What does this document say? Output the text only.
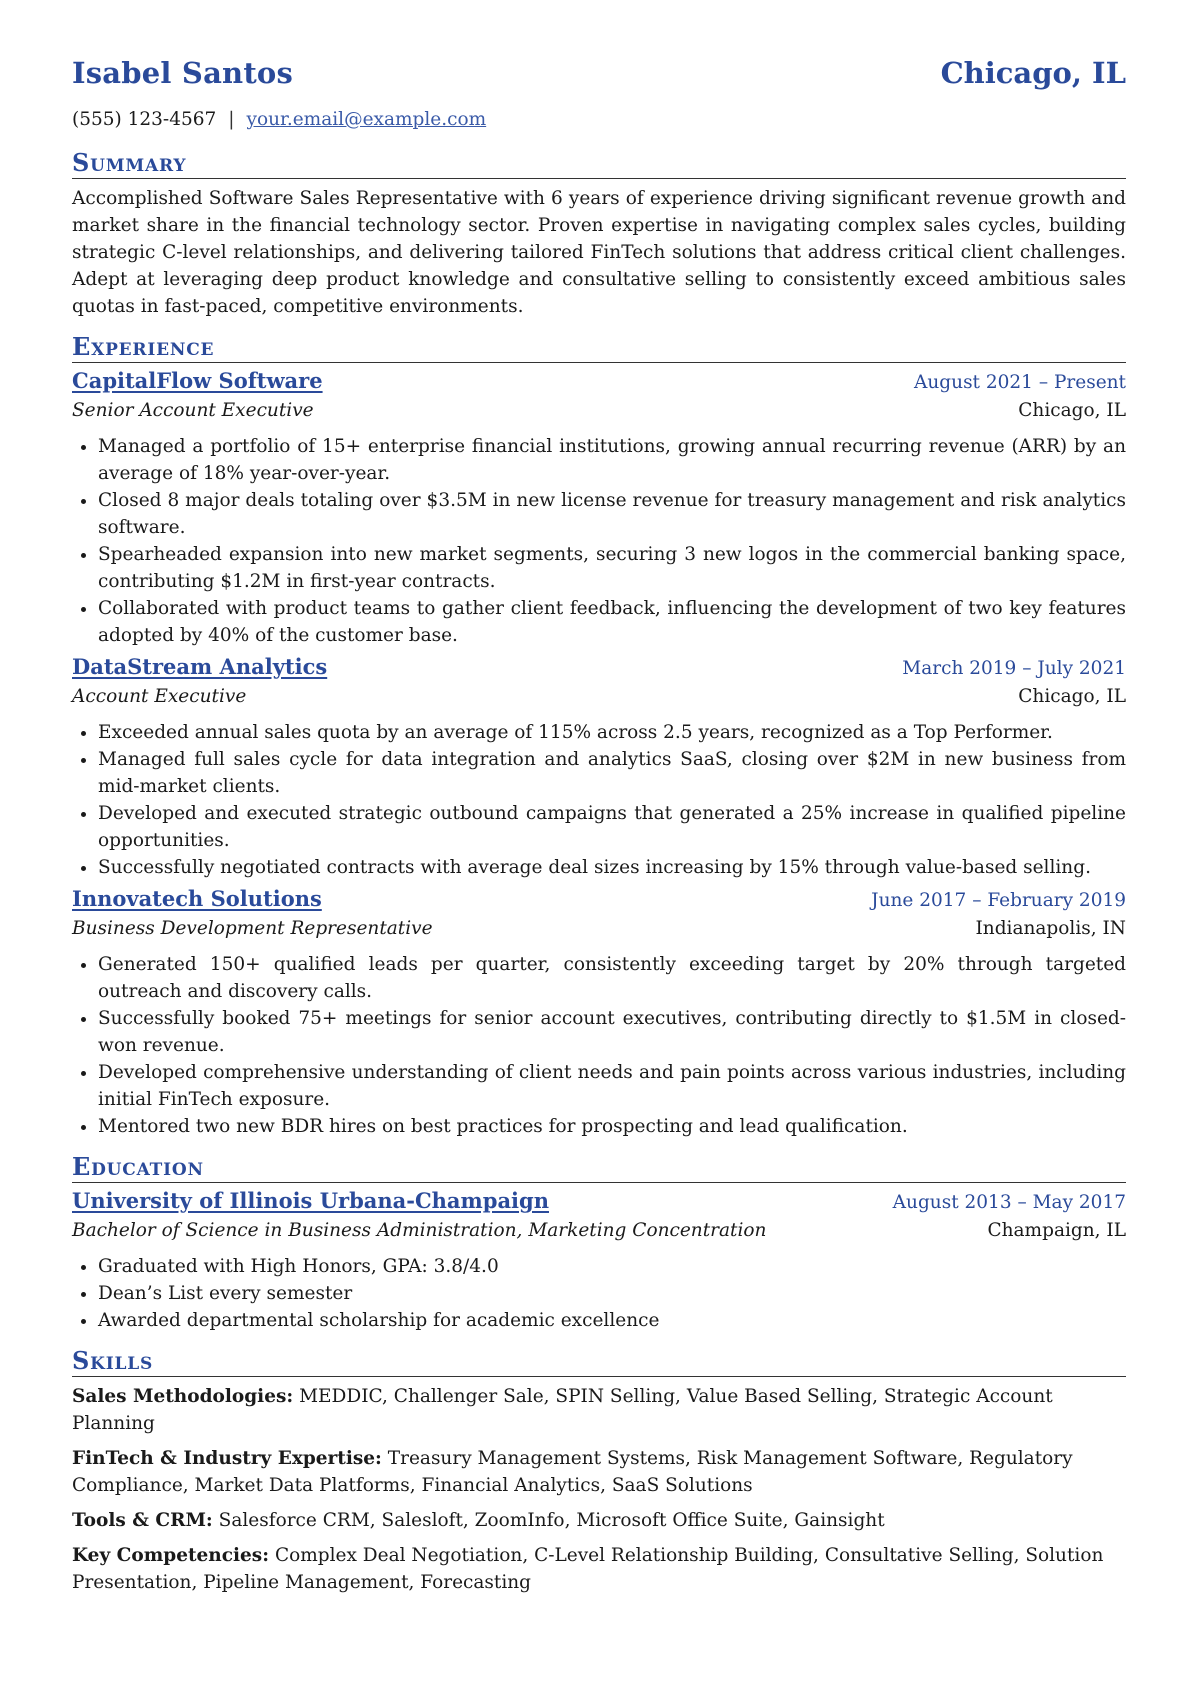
Isabel Santos	Chicago, IL
(555) 123-4567 | your.email@example.com
Summary
Accomplished Software Sales Representative with 6 years of experience driving significant revenue growth and market share in the financial technology sector. Proven expertise in navigating complex sales cycles, building strategic C-level relationships, and delivering tailored FinTech solutions that address critical client challenges. Adept at leveraging deep product knowledge and consultative selling to consistently exceed ambitious sales quotas in fast-paced, competitive environments.
Experience
CapitalFlow Software	August 2021 – Present
Senior Account Executive	Chicago, IL
• Managed a portfolio of 15+ enterprise financial institutions, growing annual recurring revenue (ARR) by an average of 18% year-over-year.
• Closed 8 major deals totaling over $3.5M in new license revenue for treasury management and risk analytics software.
• Spearheaded expansion into new market segments, securing 3 new logos in the commercial banking space, contributing $1.2M in first-year contracts.
• Collaborated with product teams to gather client feedback, influencing the development of two key features adopted by 40% of the customer base.
DataStream Analytics	March 2019 – July 2021
Account Executive	Chicago, IL
• Exceeded annual sales quota by an average of 115% across 2.5 years, recognized as a Top Performer.
• Managed full sales cycle for data integration and analytics SaaS, closing over $2M in new business from mid-market clients.
• Developed and executed strategic outbound campaigns that generated a 25% increase in qualified pipeline opportunities.
• Successfully negotiated contracts with average deal sizes increasing by 15% through value-based selling.
Innovatech Solutions	June 2017 – February 2019
Business Development Representative	Indianapolis, IN
• Generated 150+ qualified leads per quarter, consistently exceeding target by 20% through targeted outreach and discovery calls.
• Successfully booked 75+ meetings for senior account executives, contributing directly to $1.5M in closed-won revenue.
• Developed comprehensive understanding of client needs and pain points across various industries, including initial FinTech exposure.
• Mentored two new BDR hires on best practices for prospecting and lead qualification.
Education
University of Illinois Urbana-Champaign	August 2013 – May 2017
Bachelor of Science in Business Administration, Marketing Concentration	Champaign, IL
• Graduated with High Honors, GPA: 3.8/4.0
• Dean’s List every semester
• Awarded departmental scholarship for academic excellence
Skills
Sales Methodologies: MEDDIC, Challenger Sale, SPIN Selling, Value Based Selling, Strategic Account Planning
FinTech & Industry Expertise: Treasury Management Systems, Risk Management Software, Regulatory Compliance, Market Data Platforms, Financial Analytics, SaaS Solutions
Tools & CRM: Salesforce CRM, Salesloft, ZoomInfo, Microsoft Office Suite, Gainsight
Key Competencies: Complex Deal Negotiation, C-Level Relationship Building, Consultative Selling, Solution Presentation, Pipeline Management, Forecasting
